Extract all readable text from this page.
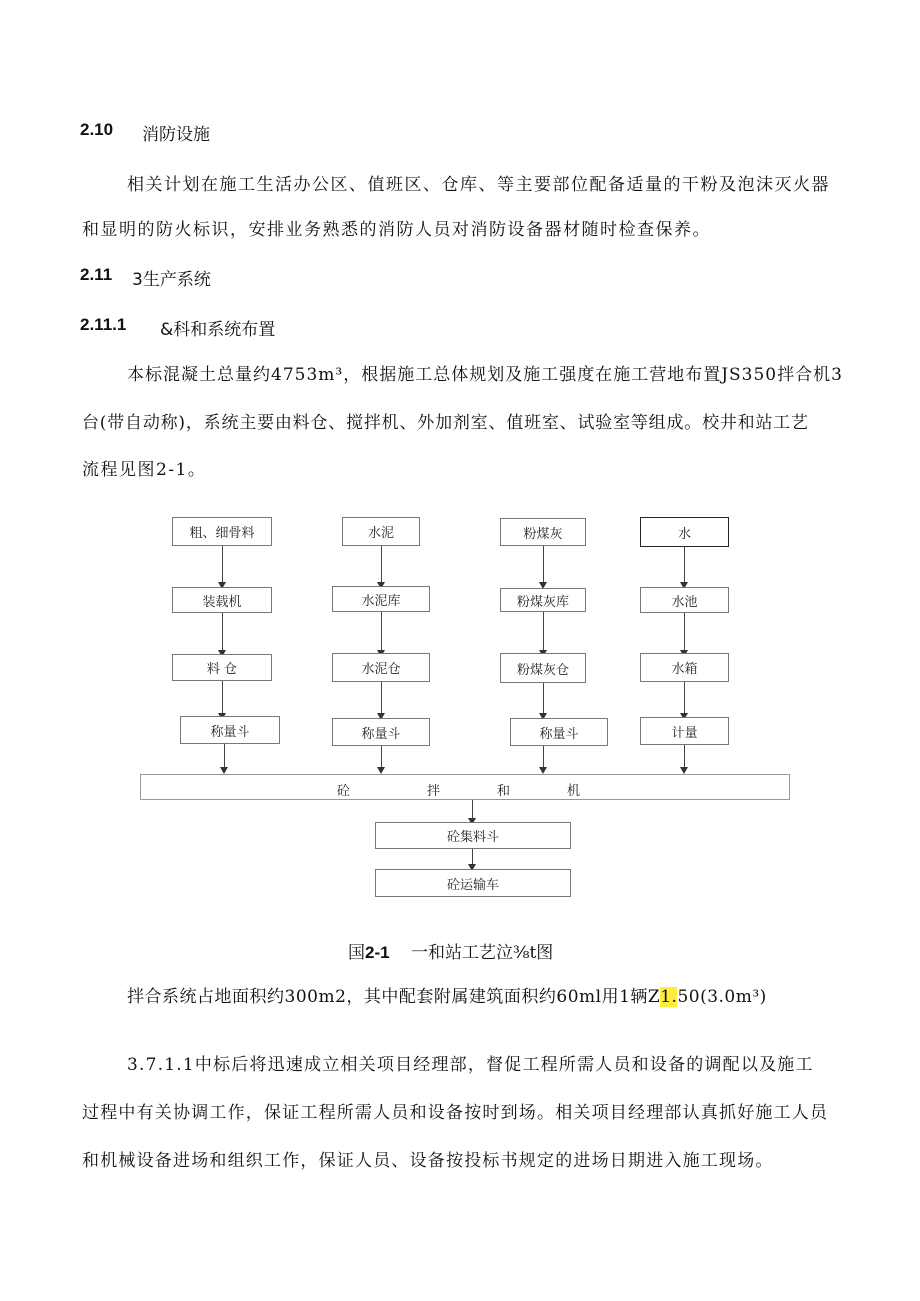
2.10 消防设施
相关计划在施工生活办公区、值班区、仓库、等主要部位配备适量的干粉及泡沫灭火器
和显明的防火标识，安排业务熟悉的消防人员对消防设备器材随时检查保养。
2.11 3生产系统
2.11.1 &科和系统布置
本标混凝土总量约4753m³，根据施工总体规划及施工强度在施工营地布置JS350拌合机3
台(带自动称)，系统主要由料仓、搅拌机、外加剂室、值班室、试验室等组成。校井和站工艺
流程见图2-1。
粗、细骨料
装载机
料 仓
称量斗
水泥
水泥库
水泥仓
称量斗
粉煤灰
粉煤灰库
粉煤灰仓
称量斗
水
水池
水箱
计量
砼	拌	和	机
砼集料斗
砼运输车
国2-1 一和站工艺泣⅜t图
拌合系统占地面积约300m2，其中配套附属建筑面积约60ml用1辆Z1.50(3.0m³)
3.7.1.1中标后将迅速成立相关项目经理部，督促工程所需人员和设备的调配以及施工
过程中有关协调工作，保证工程所需人员和设备按时到场。相关项目经理部认真抓好施工人员
和机械设备进场和组织工作，保证人员、设备按投标书规定的进场日期进入施工现场。
